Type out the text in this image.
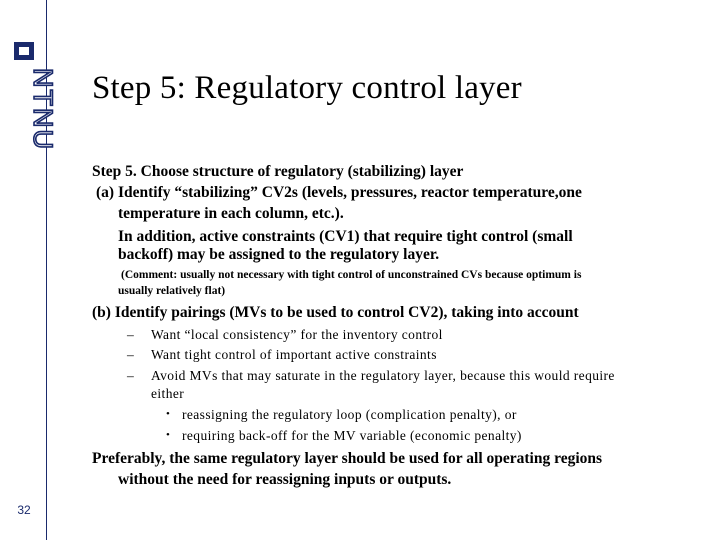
NTNU
32
Step 5: Regulatory control layer
Step 5. Choose structure of regulatory (stabilizing) layer
(a) Identify “stabilizing” CV2s (levels, pressures, reactor temperature,one
temperature in each column, etc.).
In addition, active constraints (CV1) that require tight control (small
backoff) may be assigned to the regulatory layer.
(Comment: usually not necessary with tight control of unconstrained CVs because optimum is
usually relatively flat)
(b) Identify pairings (MVs to be used to control CV2), taking into account
– Want “local consistency” for the inventory control
– Want tight control of important active constraints
– Avoid MVs that may saturate in the regulatory layer, because this would require
either
• reassigning the regulatory loop (complication penalty), or
• requiring back-off for the MV variable (economic penalty)
Preferably, the same regulatory layer should be used for all operating regions
without the need for reassigning inputs or outputs.
